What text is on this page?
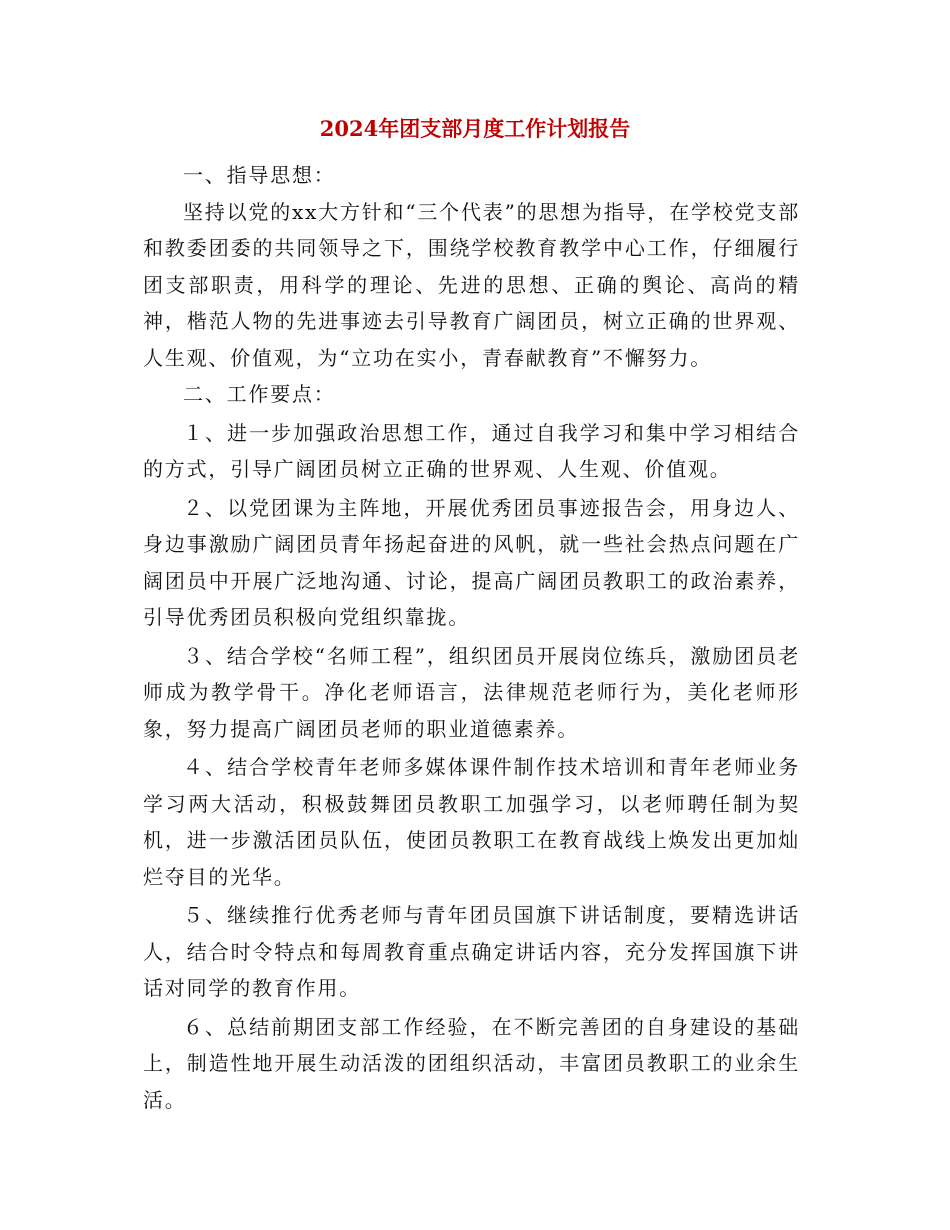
2024年团支部月度工作计划报告

一、指导思想：

坚持以党的xx大方针和“三个代表”的思想为指导，在学校党支部和教委团委的共同领导之下，围绕学校教育教学中心工作，仔细履行团支部职责，用科学的理论、先进的思想、正确的舆论、高尚的精神，楷范人物的先进事迹去引导教育广阔团员，树立正确的世界观、人生观、价值观，为“立功在实小，青春献教育”不懈努力。

二、工作要点：

１、进一步加强政治思想工作，通过自我学习和集中学习相结合的方式，引导广阔团员树立正确的世界观、人生观、价值观。

２、以党团课为主阵地，开展优秀团员事迹报告会，用身边人、身边事激励广阔团员青年扬起奋进的风帆，就一些社会热点问题在广阔团员中开展广泛地沟通、讨论，提高广阔团员教职工的政治素养，引导优秀团员积极向党组织靠拢。

３、结合学校“名师工程”，组织团员开展岗位练兵，激励团员老师成为教学骨干。净化老师语言，法律规范老师行为，美化老师形象，努力提高广阔团员老师的职业道德素养。

４、结合学校青年老师多媒体课件制作技术培训和青年老师业务学习两大活动，积极鼓舞团员教职工加强学习，以老师聘任制为契机，进一步激活团员队伍，使团员教职工在教育战线上焕发出更加灿烂夺目的光华。

５、继续推行优秀老师与青年团员国旗下讲话制度，要精选讲话人，结合时令特点和每周教育重点确定讲话内容，充分发挥国旗下讲话对同学的教育作用。

６、总结前期团支部工作经验，在不断完善团的自身建设的基础上，制造性地开展生动活泼的团组织活动，丰富团员教职工的业余生活。
